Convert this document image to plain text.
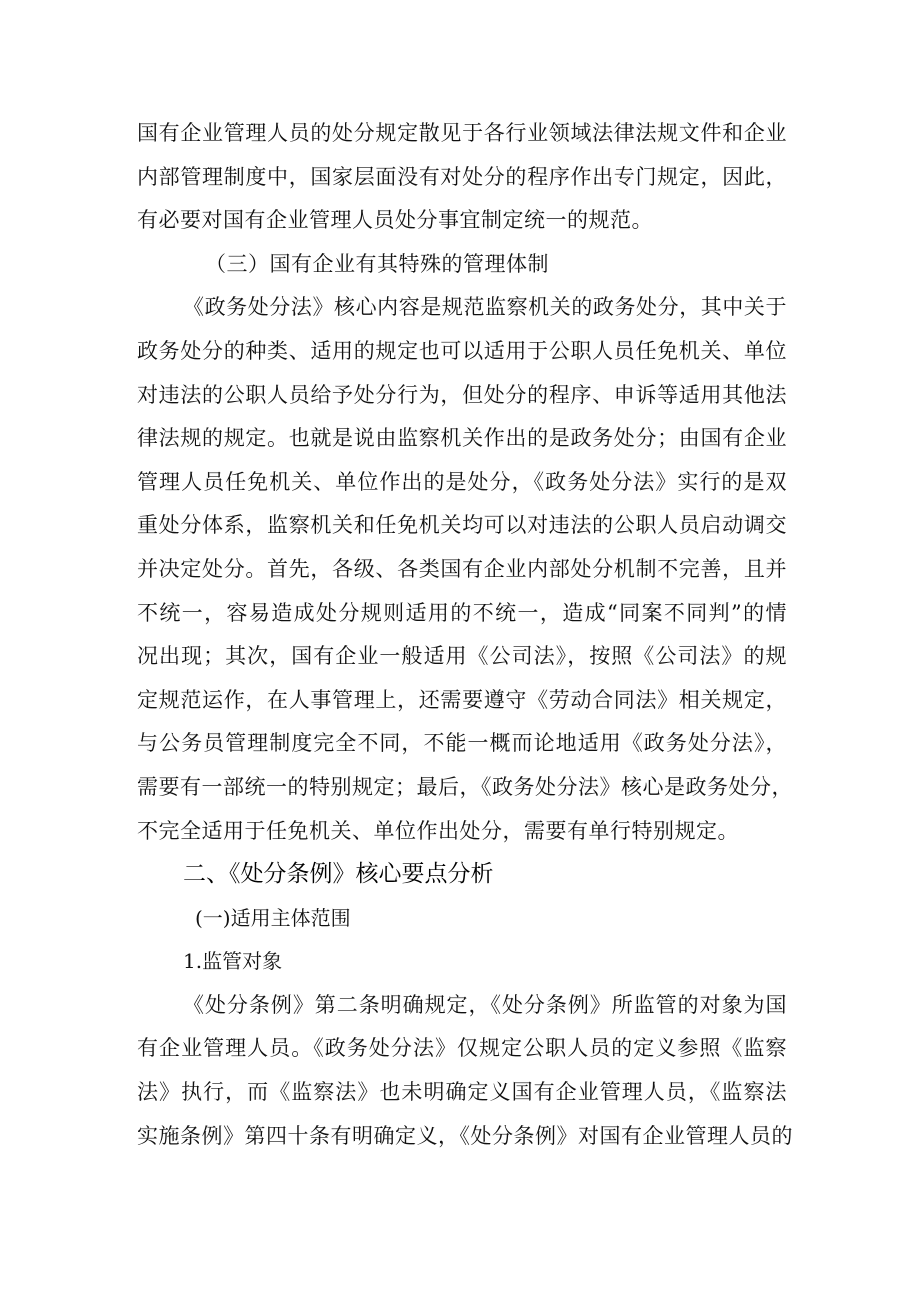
国有企业管理人员的处分规定散见于各行业领域法律法规文件和企业
内部管理制度中，国家层面没有对处分的程序作出专门规定，因此，
有必要对国有企业管理人员处分事宜制定统一的规范。
（三）国有企业有其特殊的管理体制
《政务处分法》核心内容是规范监察机关的政务处分，其中关于
政务处分的种类、适用的规定也可以适用于公职人员任免机关、单位
对违法的公职人员给予处分行为，但处分的程序、申诉等适用其他法
律法规的规定。也就是说由监察机关作出的是政务处分；由国有企业
管理人员任免机关、单位作出的是处分，《政务处分法》实行的是双
重处分体系，监察机关和任免机关均可以对违法的公职人员启动调交
并决定处分。首先，各级、各类国有企业内部处分机制不完善，且并
不统一，容易造成处分规则适用的不统一，造成“同案不同判”的情
况出现；其次，国有企业一般适用《公司法》，按照《公司法》的规
定规范运作，在人事管理上，还需要遵守《劳动合同法》相关规定，
与公务员管理制度完全不同，不能一概而论地适用《政务处分法》，
需要有一部统一的特别规定；最后，《政务处分法》核心是政务处分，
不完全适用于任免机关、单位作出处分，需要有单行特别规定。
二、《处分条例》核心要点分析
(一)适用主体范围
1.监管对象
《处分条例》第二条明确规定，《处分条例》所监管的对象为国
有企业管理人员。《政务处分法》仅规定公职人员的定义参照《监察
法》执行，而《监察法》也未明确定义国有企业管理人员，《监察法
实施条例》第四十条有明确定义，《处分条例》对国有企业管理人员的
